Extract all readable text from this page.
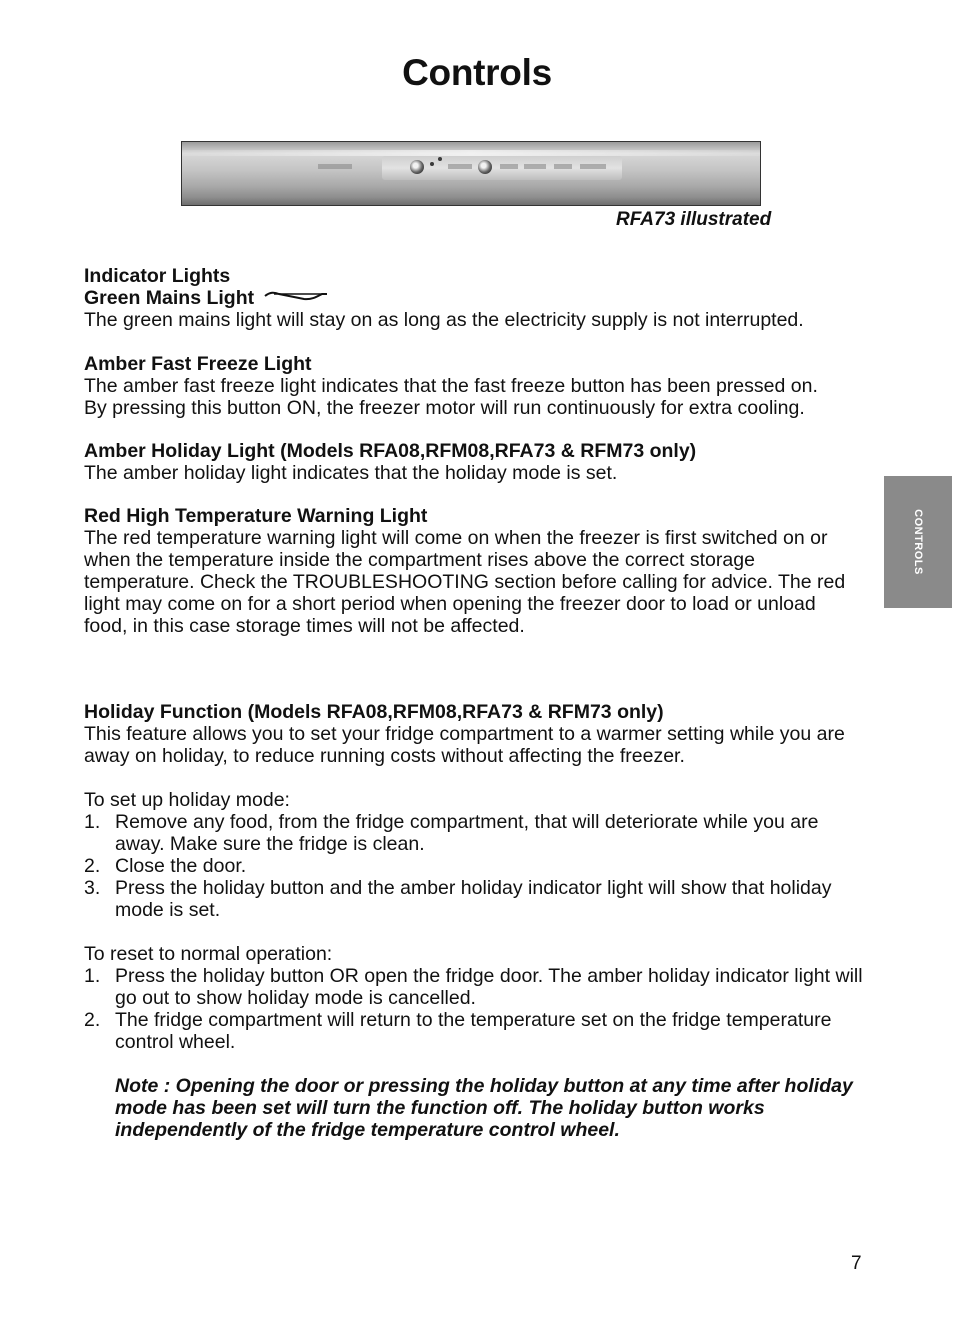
Controls

RFA73 illustrated

Indicator Lights

Green Mains Light

The green mains light will stay on as long as the electricity supply is not interrupted.

Amber Fast Freeze Light

The amber fast freeze light indicates that the fast freeze button has been pressed on.

By pressing this button ON, the freezer motor will run continuously for extra cooling.

Amber Holiday Light (Models RFA08,RFM08,RFA73 & RFM73 only)

The amber holiday light indicates that the holiday mode is set.

Red High Temperature Warning Light

The red temperature warning light will come on when the freezer is first switched on or when the temperature inside the compartment rises above the correct storage temperature. Check the TROUBLESHOOTING section before calling for advice. The red light may come on for a short period when opening the freezer door to load or unload food, in this case storage times will not be affected.

Holiday Function (Models RFA08,RFM08,RFA73 & RFM73 only)

This feature allows you to set your fridge compartment to a warmer setting while you are away on holiday, to reduce running costs without affecting the freezer.

To set up holiday mode:

1. Remove any food, from the fridge compartment, that will deteriorate while you are away. Make sure the fridge is clean.
2. Close the door.
3. Press the holiday button and the amber holiday indicator light will show that holiday mode is set.

To reset to normal operation:

1. Press the holiday button OR open the fridge door. The amber holiday indicator light will go out to show holiday mode is cancelled.
2. The fridge compartment will return to the temperature set on the fridge temperature control wheel.

Note : Opening the door or pressing the holiday button at any time after holiday mode has been set will turn the function off. The holiday button works independently of the fridge temperature control wheel.

CONTROLS

7
